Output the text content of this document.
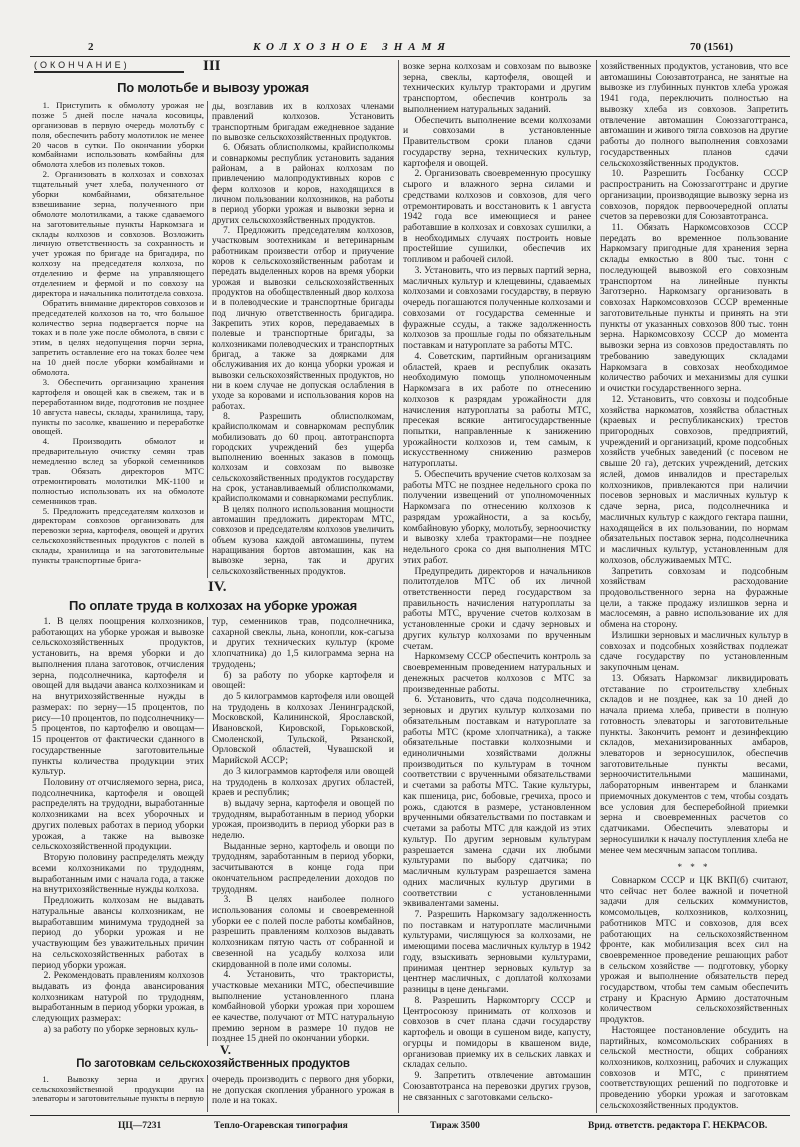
2	КОЛХОЗНОЕ ЗНАМЯ	70 (1561)
(ОКОНЧАНИЕ)	III
По молотьбе и вывозу урожая

1. Приступить к обмолоту урожая не позже 5 дней после начала косовицы, организовав в первую очередь молотьбу с поля, обеспечить работу молотилок не менее 20 часов в сутки. По окончании уборки комбайнами использовать комбайны для обмолота хлебов из полевых токов.

2. Организовать в колхозах и совхозах тщательный учет хлеба, полученного от уборки комбайнами, обязательное взвешивание зерна, полученного при обмолоте молотилками, а также сдаваемого на заготовительные пункты Наркомзага и склады колхозов и совхозов. Возложить личную ответственность за сохранность и учет урожая по бригаде на бригадира, по колхозу на председателя колхоза, по отделению и ферме на управляющего отделением и фермой и по совхозу на директора и начальника политотдела совхоза.

Обратить внимание директоров совхозов и председателей колхозов на то, что большое количество зерна подвергается порче на токах и в поле уже после обмолота, в связи с этим, в целях недопущения порчи зерна, запретить оставление его на токах более чем на 10 дней после уборки комбайнами и обмолота.

3. Обеспечить организацию хранения картофеля и овощей как в свежем, так и в переработанном виде, подготовив не позднее 10 августа навесы, склады, хранилища, тару, пункты по засолке, квашению и переработке овощей.

4. Производить обмолот и предварительную очистку семян трав немедленно вслед за уборкой семенников трав. Обязать директоров МТС отремонтировать молотилки МК-1100 и полностью использовать их на обмолоте семенников трав.

5. Предложить председателям колхозов и директорам совхозов организовать для перевозки зерна, картофеля, овощей и других сельскохозяйственных продуктов с полей в склады, хранилища и на заготовительные пункты транспортные брига-

ды, возглавив их в колхозах членами правлений колхозов. Установить транспортным бригадам ежедневное задание по вывозке сельскохозяйственных продуктов.

6. Обязать облисполкомы, крайисполкомы и совнаркомы республик установить задания районам, а в районах колхозам по привлечению малопродуктивных коров с ферм колхозов и коров, находящихся в личном пользовании колхозников, на работы в период уборки урожая и вывозки зерна и других сельскохозяйственных продуктов.

7. Предложить председателям колхозов, участковым зоотехникам и ветеринарным работникам произвести отбор и приучение коров к сельскохозяйственным работам и передать выделенных коров на время уборки урожая и вывозки сельскохозяйственных продуктов на обобществленный двор колхоза и в полеводческие и транспортные бригады под личную ответственность бригадира. Закрепить этих коров, передаваемых в полевые и транспортные бригады, за колхозниками полеводческих и транспортных бригад, а также за доярками для обслуживания их до конца уборки урожая и вывозки сельскохозяйственных продуктов, но ни в коем случае не допуская ослабления в уходе за коровами и использования коров на работах.

8. Разрешить облисполкомам, крайисполкомам и совнаркомам республик мобилизовать до 60 проц. автотранспорта городских учреждений без ущерба выполнению военных заказов в помощь колхозам и совхозам по вывозке сельскохозяйственных продуктов государству на срок, устанавливаемый облисполкомами, крайисполкомами и совнаркомами республик.

В целях полного использования мощности автомашин предложить директорам МТС, совхозов и председателям колхозов увеличить объем кузова каждой автомашины, путем наращивания бортов автомашин, как на вывозке зерна, так и других сельскохозяйственных продуктов.

IV.
По оплате труда в колхозах на уборке урожая

1. В целях поощрения колхозников, работающих на уборке урожая и вывозке сельскохозяйственных продуктов, установить, на время уборки и до выполнения плана заготовок, отчисления зерна, подсолнечника, картофеля и овощей для выдачи аванса колхозникам и на внутрихозяйственные нужды в размерах: по зерну—15 процентов, по рису—10 процентов, по подсолнечнику—5 процентов, по картофелю и овощам—15 процентов от фактически сданного в государственные заготовительные пункты количества продукции этих культур.

Половину от отчисляемого зерна, риса, подсолнечника, картофеля и овощей распределять на трудодни, выработанные колхозниками на всех уборочных и других полевых работах в период уборки урожая, а также на вывозке сельскохозяйственной продукции.

Вторую половину распределять между всеми колхозниками по трудодням, выработанным ими с начала года, а также на внутрихозяйственные нужды колхоза.

Предложить колхозам не выдавать натуральные авансы колхозникам, не выработавшим минимума трудодней за период до уборки урожая и не участвующим без уважительных причин на сельскохозяйственных работах в период уборки урожая.

2. Рекомендовать правлениям колхозов выдавать из фонда авансирования колхозникам натурой по трудодням, выработанным в период уборки урожая, в следующих размерах:

а) за работу по уборке зерновых куль-

тур, семенников трав, подсолнечника, сахарной свеклы, льна, конопли, кок-сагыза и других технических культур (кроме хлопчатника) до 1,5 килограмма зерна на трудодень;

б) за работу по уборке картофеля и овощей:

до 5 килограммов картофеля или овощей на трудодень в колхозах Ленинградской, Московской, Калининской, Ярославской, Ивановской, Кировской, Горьковской, Смоленской, Тульской, Рязанской, Орловской областей, Чувашской и Марийской АССР;

до 3 килограммов картофеля или овощей на трудодень в колхозах других областей, краев и республик;

в) выдачу зерна, картофеля и овощей по трудодням, выработанным в период уборки урожая, производить в период уборки раз в неделю.

Выданные зерно, картофель и овощи по трудодням, заработанным в период уборки, засчитываются в конце года при окончательном распределении доходов по трудодням.

3. В целях наиболее полного использования соломы и своевременной уборки ее с полей после работы комбайнов, разрешить правлениям колхозов выдавать колхозникам пятую часть от собранной и свезенной на усадьбу колхоза или скирдованной в поле ими соломы.

4. Установить, что трактористы, участковые механики МТС, обеспечившие выполнение установленного плана комбайновой уборки урожая при хорошем ее качестве, получают от МТС натуральную премию зерном в размере 10 пудов не позднее 15 дней по окончании уборки.

V.
По заготовкам сельскохозяйственных продуктов

1. Вывозку зерна и других сельскохозяйственной продукции на элеваторы и заготовительные пункты в первую

очередь производить с первого дня уборки, не допуская скопления убранного урожая в поле и на токах.

возке зерна колхозам и совхозам по вывозке зерна, свеклы, картофеля, овощей и технических культур тракторами и другим транспортом, обеспечив контроль за выполнением натуральных заданий.

Обеспечить выполнение всеми колхозами и совхозами в установленные Правительством сроки планов сдачи государству зерна, технических культур, картофеля и овощей.

2. Организовать своевременную просушку сырого и влажного зерна силами и средствами колхозов и совхозов, для чего отремонтировать и восстановить к 1 августа 1942 года все имеющиеся и ранее работавшие в колхозах и совхозах сушилки, а в необходимых случаях построить новые простейшие сушилки, обеспечив их топливом и рабочей силой.

3. Установить, что из первых партий зерна, масличных культур и клещевины, сдаваемых колхозами и совхозами государству, в первую очередь погашаются полученные колхозами и совхозами от государства семенные и фуражные ссуды, а также задолженность колхозов за прошлые годы по обязательным поставкам и натуроплате за работы МТС.

4. Советским, партийным организациям областей, краев и республик оказать необходимую помощь уполномоченным Наркомзага в их работе по отнесению колхозов к разрядам урожайности для начисления натуроплаты за работы МТС, пресекая всякие антигосударственные попытки, направленные к занижению урожайности колхозов и, тем самым, к искусственному снижению размеров натуроплаты.

5. Обеспечить вручение счетов колхозам за работы МТС не позднее недельного срока по получении извещений от уполномоченных Наркомзага по отнесению колхозов к разрядам урожайности, а за косьбу, комбайновую уборку, молотьбу, зерноочистку и вывозку хлеба тракторами—не позднее недельного срока со дня выполнения МТС этих работ.

Предупредить директоров и начальников политотделов МТС об их личной ответственности перед государством за правильность начисления натуроплаты за работы МТС, вручение счетов колхозам в установленные сроки и сдачу зерновых и других культур колхозами по врученным счетам.

Наркомзему СССР обеспечить контроль за своевременным проведением натуральных и денежных расчетов колхозов с МТС за произведенные работы.

6. Установить, что сдача подсолнечника, зерновых и других культур колхозами по обязательным поставкам и натуроплате за работы МТС (кроме хлопчатника), а также обязательные поставки колхозными и единоличными хозяйствами должны производиться по культурам в точном соответствии с врученными обязательствами и счетами за работы МТС. Такие культуры, как пшеница, рис, бобовые, гречиха, просо и рожь, сдаются в размере, установленном врученными обязательствами по поставкам и счетами за работы МТС для каждой из этих культур. По другим зерновым культурам разрешается замена сдачи их любыми культурами по выбору сдатчика; по масличным культурам разрешается замена одних масличных культур другими в соответствии с установленными эквивалентами замены.

7. Разрешить Наркомзагу задолженность по поставкам и натуроплате масличными культурами, числящуюся за колхозами, не имеющими посева масличных культур в 1942 году, взыскивать зерновыми культурами, принимая центнер зерновых культур за центнер масличных, с доплатой колхозами разницы в цене деньгами.

8. Разрешить Наркомторгу СССР и Центросоюзу принимать от колхозов и совхозов в счет плана сдачи государству картофель и овощи в сушеном виде, капусту, огурцы и помидоры в квашеном виде, организовав приемку их в сельских лавках и складах сельпо.

9. Запретить отвлечение автомашин Союзавтотранса на перевозки других грузов, не связанных с заготовками сельско-

хозяйственных продуктов, установив, что все автомашины Союзавтотранса, не занятые на вывозке из глубинных пунктов хлеба урожая 1941 года, переключить полностью на вывозку хлеба из совхозов. Запретить отвлечение автомашин Союззаготтранса, автомашин и живого тягла совхозов на другие работы до полного выполнения совхозами государственных планов сдачи сельскохозяйственных продуктов.

10. Разрешить Госбанку СССР распространить на Союззаготтранс и другие организации, производящие вывозку зерна из совхозов, порядок первоочередной оплаты счетов за перевозки для Союзавтотранса.

11. Обязать Наркомсовхозов СССР передать во временное пользование Наркомзагу пригодные для хранения зерна склады емкостью в 800 тыс. тонн с последующей вывозкой его совхозным транспортом на линейные пункты Заготзерно. Наркомзагу организовать в совхозах Наркомсовхозов СССР временные заготовительные пункты и принять на эти пункты от указанных совхозов 800 тыс. тонн зерна. Наркомсовхозу СССР до момента вывозки зерна из совхозов предоставлять по требованию заведующих складами Наркомзага в совхозах необходимое количество рабочих и механизмы для сушки и очистки государственного зерна.

12. Установить, что совхозы и подсобные хозяйства наркоматов, хозяйства областных (краевых и республиканских) трестов пригородных совхозов, предприятий, учреждений и организаций, кроме подсобных хозяйств учебных заведений (с посевом не свыше 20 га), детских учреждений, детских яслей, домов инвалидов и престарелых колхозников, привлекаются при наличии посевов зерновых и масличных культур к сдаче зерна, риса, подсолнечника и масличных культур с каждого гектара пашни, находящейся в их пользовании, по нормам обязательных поставок зерна, подсолнечника и масличных культур, установленным для колхозов, обслуживаемых МТС.

Запретить совхозам и подсобным хозяйствам расходование продовольственного зерна на фуражные цели, а также продажу излишков зерна и маслосемян, а равно использование их для обмена на сторону.

Излишки зерновых и масличных культур в совхозах и подсобных хозяйствах подлежат сдаче государству по установленным закупочным ценам.

13. Обязать Наркомзаг ликвидировать отставание по строительству хлебных складов и не позднее, как за 10 дней до начала приема хлеба, привести в полную готовность элеваторы и заготовительные пункты. Закончить ремонт и дезинфекцию складов, механизированных амбаров, элеваторов и зерносушилок, обеспечив заготовительные пункты весами, зерноочистительными машинами, лабораторным инвентарем и бланками приемочных документов с тем, чтобы создать все условия для бесперебойной приемки зерна и своевременных расчетов со сдатчиками. Обеспечить элеваторы и зерносушилки к началу поступления хлеба не менее чем месячным запасом топлива.

* * *

Совнарком СССР и ЦК ВКП(б) считают, что сейчас нет более важной и почетной задачи для сельских коммунистов, комсомольцев, колхозников, колхозниц, работников МТС и совхозов, для всех работающих на сельскохозяйственном фронте, как мобилизация всех сил на своевременное проведение решающих работ в сельском хозяйстве — подготовку, уборку урожая и выполнение обязательств перед государством, чтобы тем самым обеспечить страну и Красную Армию достаточным количеством сельскохозяйственных продуктов.

Настоящее постановление обсудить на партийных, комсомольских собраниях в сельской местности, общих собраниях колхозников, колхозниц, рабочих и служащих совхозов и МТС, с принятием соответствующих решений по подготовке и проведению уборки урожая и заготовкам сельскохозяйственных продуктов.

ЦЦ—7231	Тепло-Огаревская типография	Тираж 3500	Врид. ответств. редактора Г. НЕКРАСОВ.
